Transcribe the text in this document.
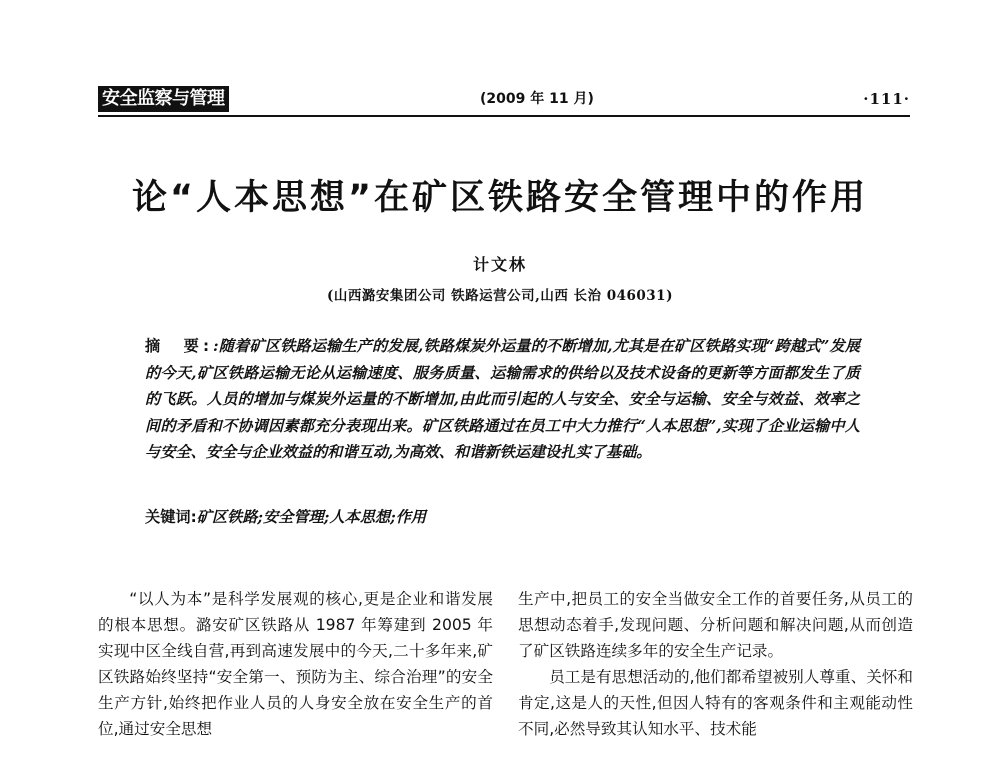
安全监察与管理	(2009 年 11 月)	·111·
论“人本思想”在矿区铁路安全管理中的作用
计文林
(山西潞安集团公司 铁路运营公司,山西 长治 046031)
摘　要::随着矿区铁路运输生产的发展,铁路煤炭外运量的不断增加,尤其是在矿区铁路实现“跨越式”发展的今天,矿区铁路运输无论从运输速度、服务质量、运输需求的供给以及技术设备的更新等方面都发生了质的飞跃。人员的增加与煤炭外运量的不断增加,由此而引起的人与安全、安全与运输、安全与效益、效率之间的矛盾和不协调因素都充分表现出来。矿区铁路通过在员工中大力推行“人本思想”,实现了企业运输中人与安全、安全与企业效益的和谐互动,为高效、和谐新铁运建设扎实了基础。
关键词:矿区铁路;安全管理;人本思想;作用

“以人为本”是科学发展观的核心,更是企业和谐发展的根本思想。潞安矿区铁路从 1987 年筹建到 2005 年实现中区全线自营,再到高速发展中的今天,二十多年来,矿区铁路始终坚持“安全第一、预防为主、综合治理”的安全生产方针,始终把作业人员的人身安全放在安全生产的首位,通过安全思想

生产中,把员工的安全当做安全工作的首要任务,从员工的思想动态着手,发现问题、分析问题和解决问题,从而创造了矿区铁路连续多年的安全生产记录。

员工是有思想活动的,他们都希望被别人尊重、关怀和肯定,这是人的天性,但因人特有的客观条件和主观能动性不同,必然导致其认知水平、技术能
